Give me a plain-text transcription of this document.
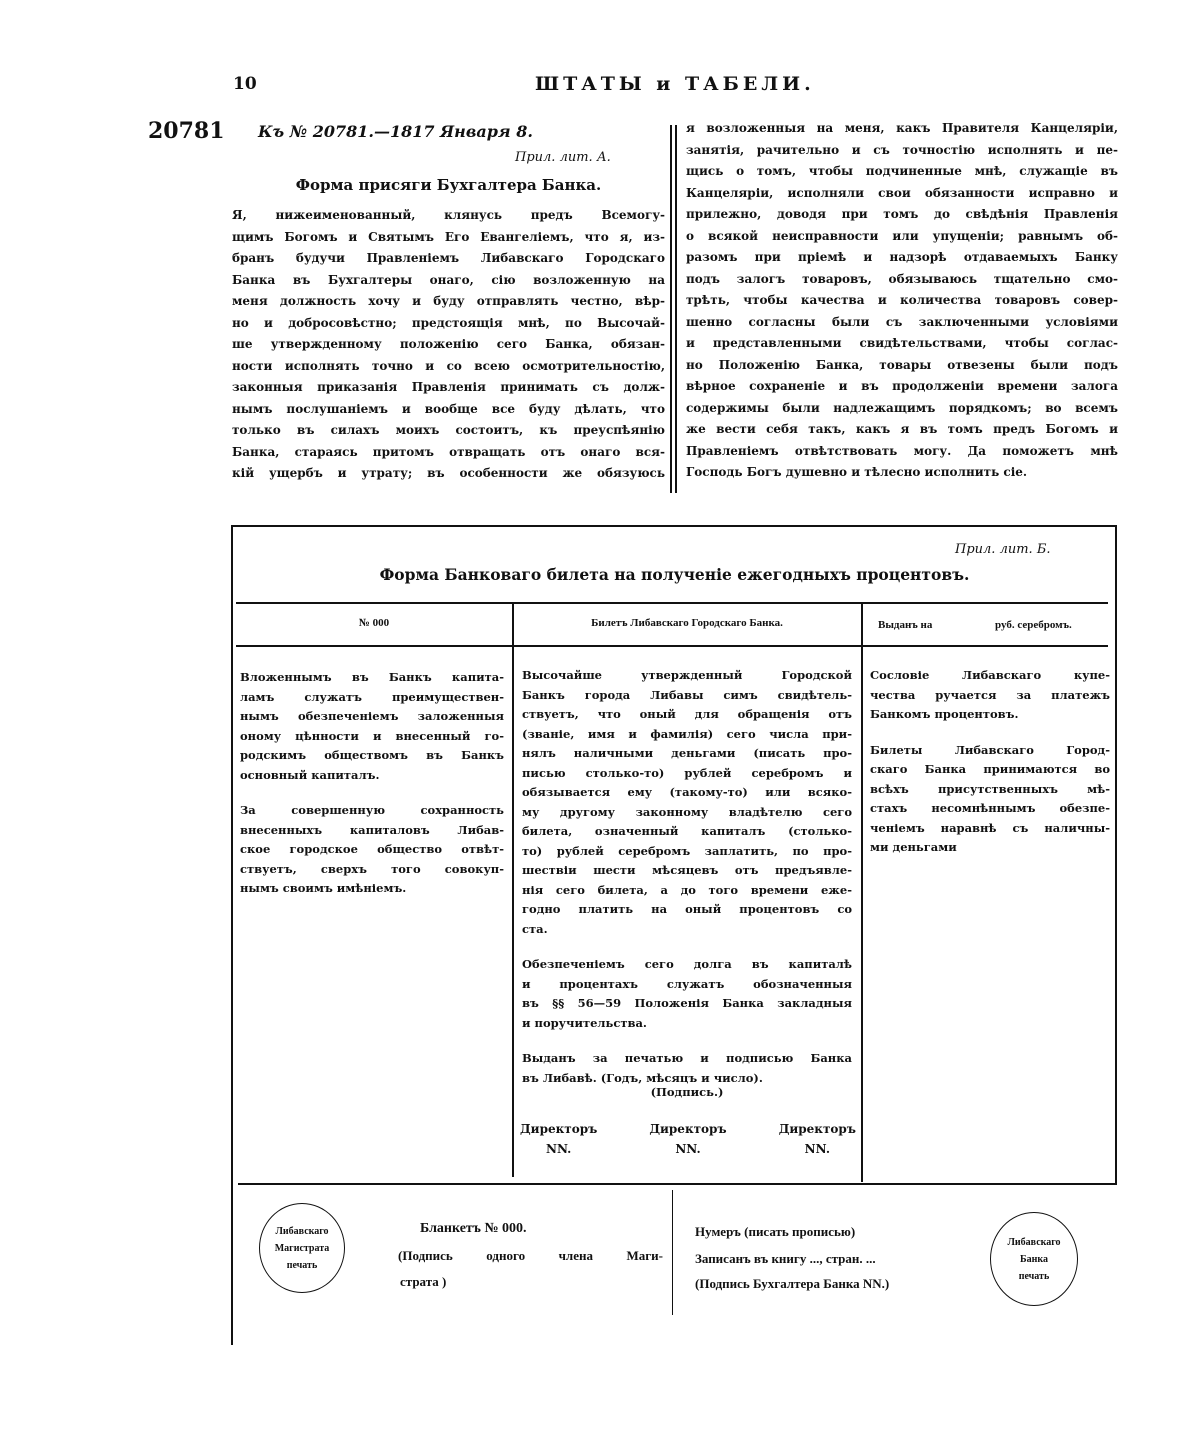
10	ШТАТЫ и ТАБЕЛИ.
20781 Къ № 20781.—1817 Января 8.
Прил. лит. А.
Форма присяги Бухгалтера Банка.
Я, нижеименованный, клянусь предъ Всемогу-
щимъ Богомъ и Святымъ Его Евангеліемъ, что я, из-
бранъ будучи Правленіемъ Либавскаго Городскаго
Банка въ Бухгалтеры онаго, сію возложенную на
меня должность хочу и буду отправлять честно, вѣр-
но и добросовѣстно; предстоящія мнѣ, по Высочай-
ше утвержденному положенію сего Банка, обязан-
ности исполнять точно и со всею осмотрительностію,
законныя приказанія Правленія принимать съ долж-
нымъ послушаніемъ и вообще все буду дѣлать, что
только въ силахъ моихъ состоитъ, къ преуспѣянію
Банка, стараясь притомъ отвращать отъ онаго вся-
кій ущербъ и утрату; въ особенности же обязуюсь
я возложенныя на меня, какъ Правителя Канцеляріи,
занятія, рачительно и съ точностію исполнять и пе-
щись о томъ, чтобы подчиненные мнѣ, служащіе въ
Канцеляріи, исполняли свои обязанности исправно и
прилежно, доводя при томъ до свѣдѣнія Правленія
о всякой неисправности или упущеніи; равнымъ об-
разомъ при пріемѣ и надзорѣ отдаваемыхъ Банку
подъ залогъ товаровъ, обязываюсь тщательно смо-
трѣть, чтобы качества и количества товаровъ совер-
шенно согласны были съ заключенными условіями
и представленными свидѣтельствами, чтобы соглас-
но Положенію Банка, товары отвезены были подъ
вѣрное сохраненіе и въ продолженіи времени залога
содержимы были надлежащимъ порядкомъ; во всемъ
же вести себя такъ, какъ я въ томъ предъ Богомъ и
Правленіемъ отвѣтствовать могу. Да поможетъ мнѣ
Господь Богъ душевно и тѣлесно исполнить сіе.
Прил. лит. Б.
Форма Банковаго билета на полученіе ежегодныхъ процентовъ.
№ 000	Билетъ Либавскаго Городскаго Банка.	Выданъ на	руб. серебромъ.
Вложеннымъ въ Банкъ капита-
ламъ служатъ преимуществен-
нымъ обезпеченіемъ заложенныя
оному цѣнности и внесенный го-
родскимъ обществомъ въ Банкъ
основный капиталъ.
За совершенную сохранность
внесенныхъ капиталовъ Либав-
ское городское общество отвѣт-
ствуетъ, сверхъ того совокуп-
нымъ своимъ имѣніемъ.
Высочайше утвержденный Городской
Банкъ города Либавы симъ свидѣтель-
ствуетъ, что оный для обращенія отъ
(званіе, имя и фамилія) сего числа при-
нялъ наличными деньгами (писать про-
писью столько-то) рублей серебромъ и
обязывается ему (такому-то) или всяко-
му другому законному владѣтелю сего
билета, означенный капиталъ (столько-
то) рублей серебромъ заплатить, по про-
шествіи шести мѣсяцевъ отъ предъявле-
нія сего билета, а до того времени еже-
годно платить на оный процентовъ со
ста.
Обезпеченіемъ сего долга въ капиталѣ
и процентахъ служатъ обозначенныя
въ §§ 56—59 Положенія Банка закладныя
и поручительства.
Выданъ за печатью и подписью Банка
въ Либавѣ. (Годъ, мѣсяцъ и число).
Сословіе Либавскаго купе-
чества ручается за платежъ
Банкомъ процентовъ.
Билеты Либавскаго Город-
скаго Банка принимаются во
всѣхъ присутственныхъ мѣ-
стахъ несомнѣннымъ обезпе-
ченіемъ наравнѣ съ наличны-
ми деньгами
(Подпись.)
Директоръ
NN.
Директоръ
NN.
Директоръ
NN.
Либавскаго
Магистрата
печать
Бланкетъ № 000.
(Подпись одного члена Маги-
страта )
Нумеръ (писать прописью)
Записанъ въ книгу ..., стран. ...
(Подпись Бухгалтера Банка NN.)
Либавскаго
Банка
печать
